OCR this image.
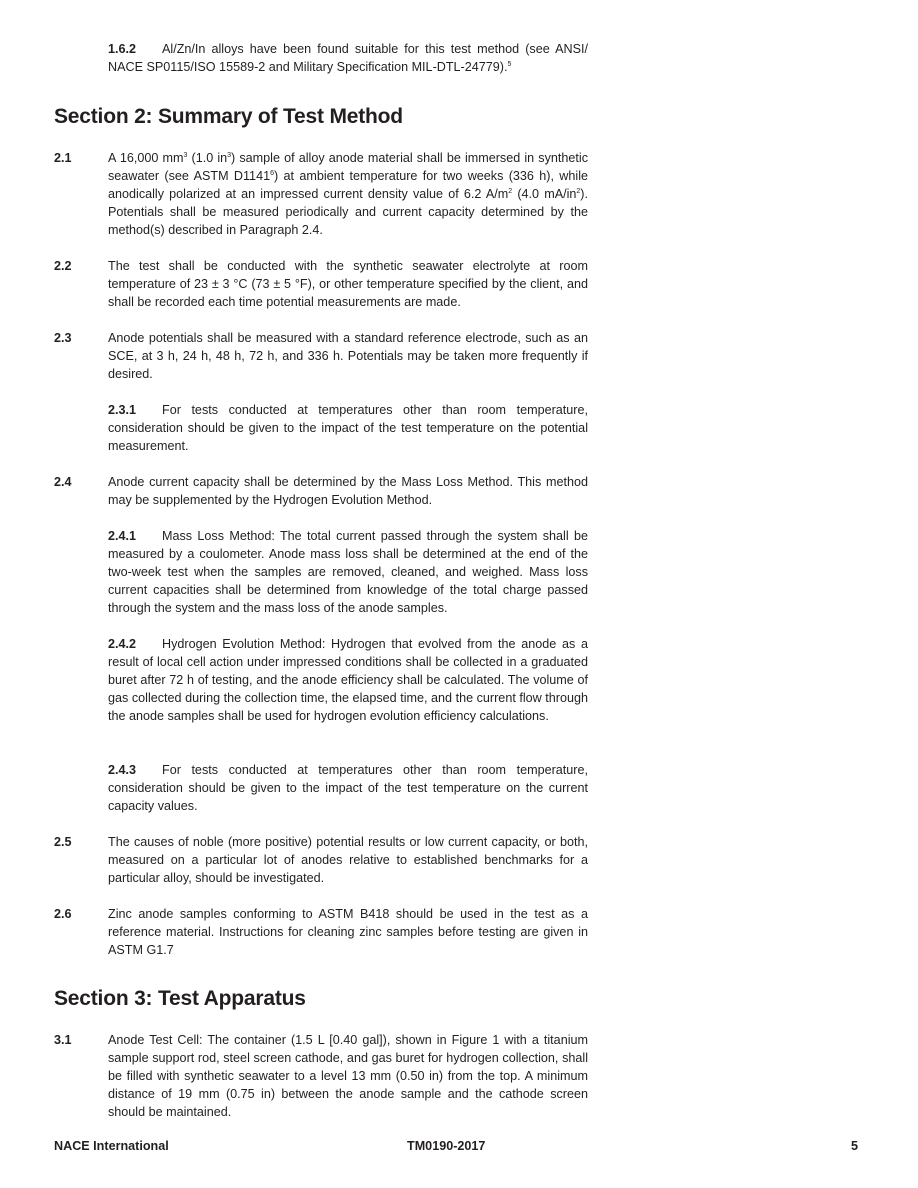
1.6.2 Al/Zn/In alloys have been found suitable for this test method (see ANSI/ NACE SP0115/ISO 15589-2 and Military Specification MIL-DTL-24779).$^5$

Section 2: Summary of Test Method
2.1	A 16,000 $mm^3$ (1.0 $in^3$) sample of alloy anode material shall be immersed in synthetic seawater (see ASTM D1141$^6$) at ambient temperature for two weeks (336 h), while anodically polarized at an impressed current density value of 6.2 $A/m^2$ (4.0 $mA/in^2$). Potentials shall be measured periodically and current capacity determined by the method(s) described in Paragraph 2.4.

2.2	The test shall be conducted with the synthetic seawater electrolyte at room temperature of 23 ± 3 °C (73 ± 5 °F), or other temperature specified by the client, and shall be recorded each time potential measurements are made.

2.3	Anode potentials shall be measured with a standard reference electrode, such as an SCE, at 3 h, 24 h, 48 h, 72 h, and 336 h. Potentials may be taken more frequently if desired.

2.3.1 For tests conducted at temperatures other than room temperature, consideration should be given to the impact of the test temperature on the potential measurement.

2.4	Anode current capacity shall be determined by the Mass Loss Method. This method may be supplemented by the Hydrogen Evolution Method.

2.4.1 Mass Loss Method: The total current passed through the system shall be measured by a coulometer. Anode mass loss shall be determined at the end of the two-week test when the samples are removed, cleaned, and weighed. Mass loss current capacities shall be determined from knowledge of the total charge passed through the system and the mass loss of the anode samples.

2.4.2 Hydrogen Evolution Method: Hydrogen that evolved from the anode as a result of local cell action under impressed conditions shall be collected in a graduated buret after 72 h of testing, and the anode efficiency shall be calculated. The volume of gas collected during the collection time, the elapsed time, and the current flow through the anode samples shall be used for hydrogen evolution efficiency calculations.

2.4.3 For tests conducted at temperatures other than room temperature, consideration should be given to the impact of the test temperature on the current capacity values.

2.5	The causes of noble (more positive) potential results or low current capacity, or both, measured on a particular lot of anodes relative to established benchmarks for a particular alloy, should be investigated.

2.6	Zinc anode samples conforming to ASTM B418 should be used in the test as a reference material. Instructions for cleaning zinc samples before testing are given in ASTM G1.7

Section 3: Test Apparatus
3.1	Anode Test Cell: The container (1.5 L [0.40 gal]), shown in Figure 1 with a titanium sample support rod, steel screen cathode, and gas buret for hydrogen collection, shall be filled with synthetic seawater to a level 13 mm (0.50 in) from the top. A minimum distance of 19 mm (0.75 in) between the anode sample and the cathode screen should be maintained.

NACE International	TM0190-2017	5
